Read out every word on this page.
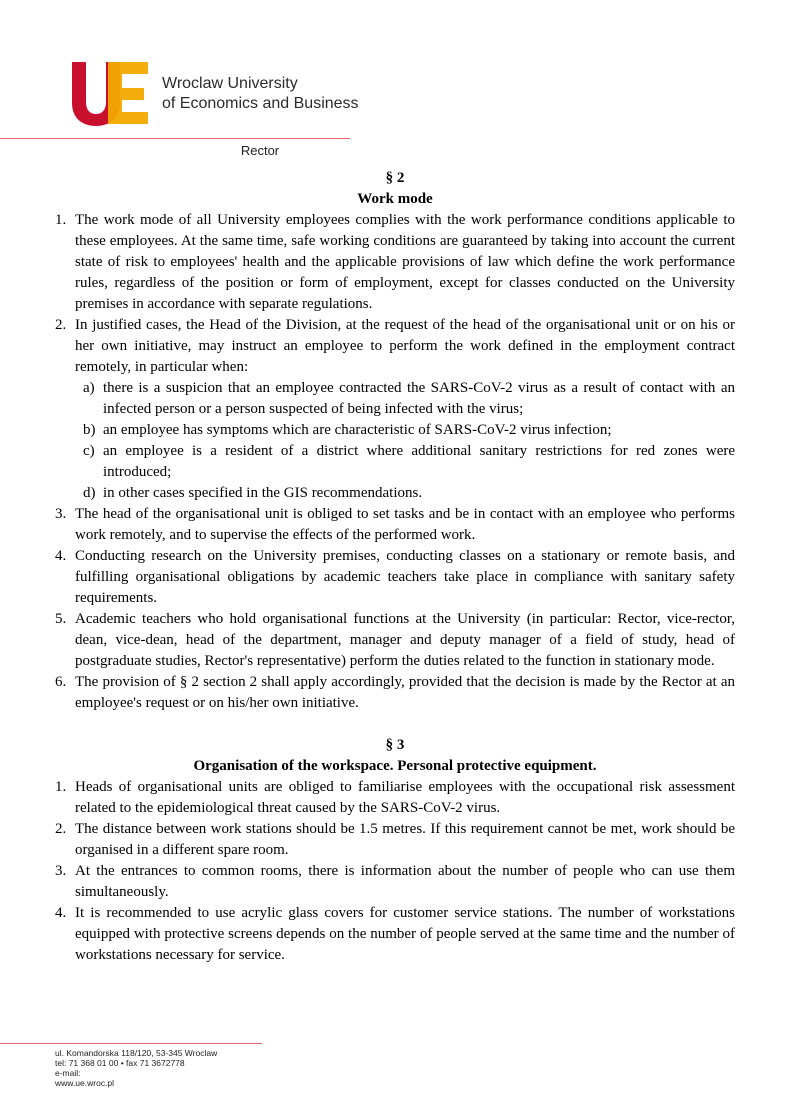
Wroclaw University
of Economics and Business
Rector
§ 2
Work mode
1. The work mode of all University employees complies with the work performance conditions applicable to these employees. At the same time, safe working conditions are guaranteed by taking into account the current state of risk to employees' health and the applicable provisions of law which define the work performance rules, regardless of the position or form of employment, except for classes conducted on the University premises in accordance with separate regulations.
2. In justified cases, the Head of the Division, at the request of the head of the organisational unit or on his or her own initiative, may instruct an employee to perform the work defined in the employment contract remotely, in particular when:
a) there is a suspicion that an employee contracted the SARS-CoV-2 virus as a result of contact with an infected person or a person suspected of being infected with the virus;
b) an employee has symptoms which are characteristic of SARS-CoV-2 virus infection;
c) an employee is a resident of a district where additional sanitary restrictions for red zones were introduced;
d) in other cases specified in the GIS recommendations.
3. The head of the organisational unit is obliged to set tasks and be in contact with an employee who performs work remotely, and to supervise the effects of the performed work.
4. Conducting research on the University premises, conducting classes on a stationary or remote basis, and fulfilling organisational obligations by academic teachers take place in compliance with sanitary safety requirements.
5. Academic teachers who hold organisational functions at the University (in particular: Rector, vice-rector, dean, vice-dean, head of the department, manager and deputy manager of a field of study, head of postgraduate studies, Rector's representative) perform the duties related to the function in stationary mode.
6. The provision of § 2 section 2 shall apply accordingly, provided that the decision is made by the Rector at an employee's request or on his/her own initiative.
§ 3
Organisation of the workspace. Personal protective equipment.
1. Heads of organisational units are obliged to familiarise employees with the occupational risk assessment related to the epidemiological threat caused by the SARS-CoV-2 virus.
2. The distance between work stations should be 1.5 metres. If this requirement cannot be met, work should be organised in a different spare room.
3. At the entrances to common rooms, there is information about the number of people who can use them simultaneously.
4. It is recommended to use acrylic glass covers for customer service stations. The number of workstations equipped with protective screens depends on the number of people served at the same time and the number of workstations necessary for service.
ul. Komandorska 118/120, 53-345 Wroclaw
tel: 71 368 01 00 • fax 71 3672778
e-mail:
www.ue.wroc.pl
